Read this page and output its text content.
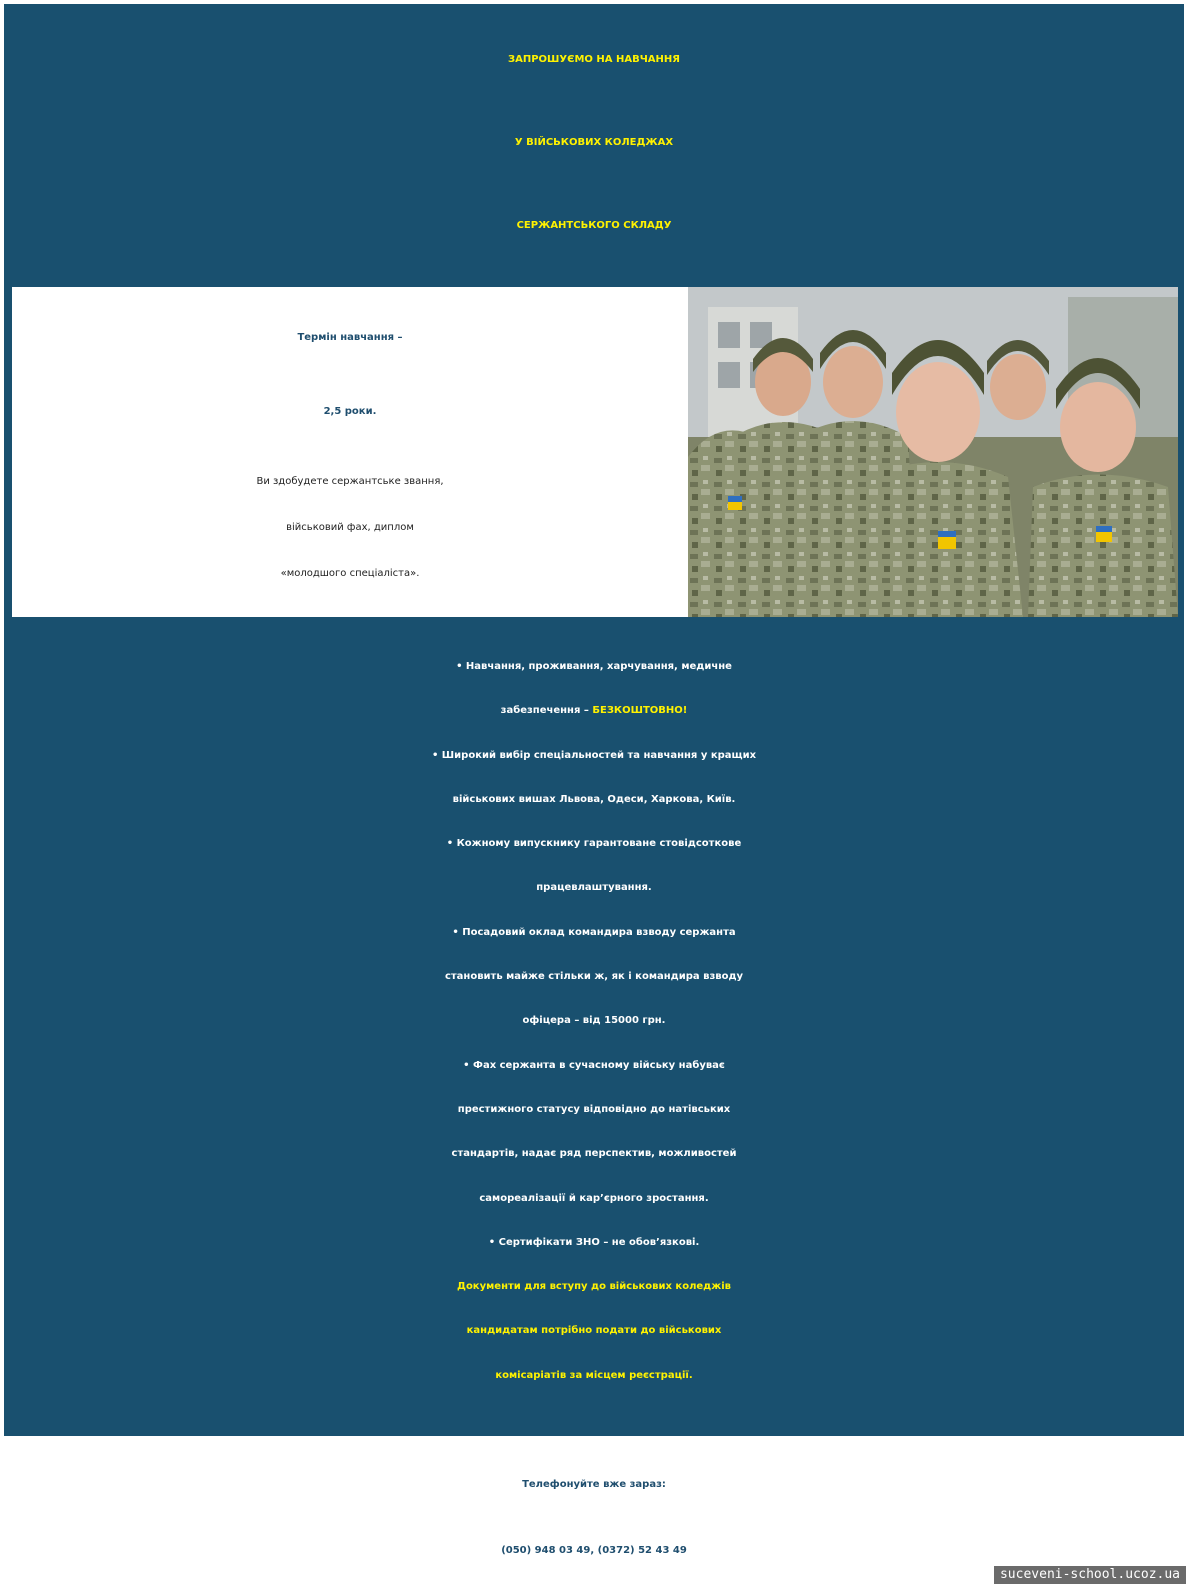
ЗАПРОШУЄМО НА НАВЧАННЯ
У ВІЙСЬКОВИХ КОЛЕДЖАХ
СЕРЖАНТСЬКОГО СКЛАДУ
Термін навчання –
2,5 роки.
Ви здобудете сержантське звання,
військовий фах, диплом
«молодшого спеціаліста».
• Навчання, проживання, харчування, медичне
забезпечення – БЕЗКОШТОВНО!
• Широкий вибір спеціальностей та навчання у кращих
військових вишах Львова, Одеси, Харкова, Київ.
• Кожному випускнику гарантоване стовідсоткове
працевлаштування.
• Посадовий оклад командира взводу сержанта
становить майже стільки ж, як і командира взводу
офіцера – від 15000 грн.
• Фах сержанта в сучасному війську набуває
престижного статусу відповідно до натівських
стандартів, надає ряд перспектив, можливостей
самореалізації й кар’єрного зростання.
• Сертифікати ЗНО – не обов’язкові.
Документи для вступу до військових коледжів
кандидатам потрібно подати до військових
комісаріатів за місцем реєстрації.
Телефонуйте вже зараз:
(050) 948 03 49, (0372) 52 43 49
suceveni-school.ucoz.ua
